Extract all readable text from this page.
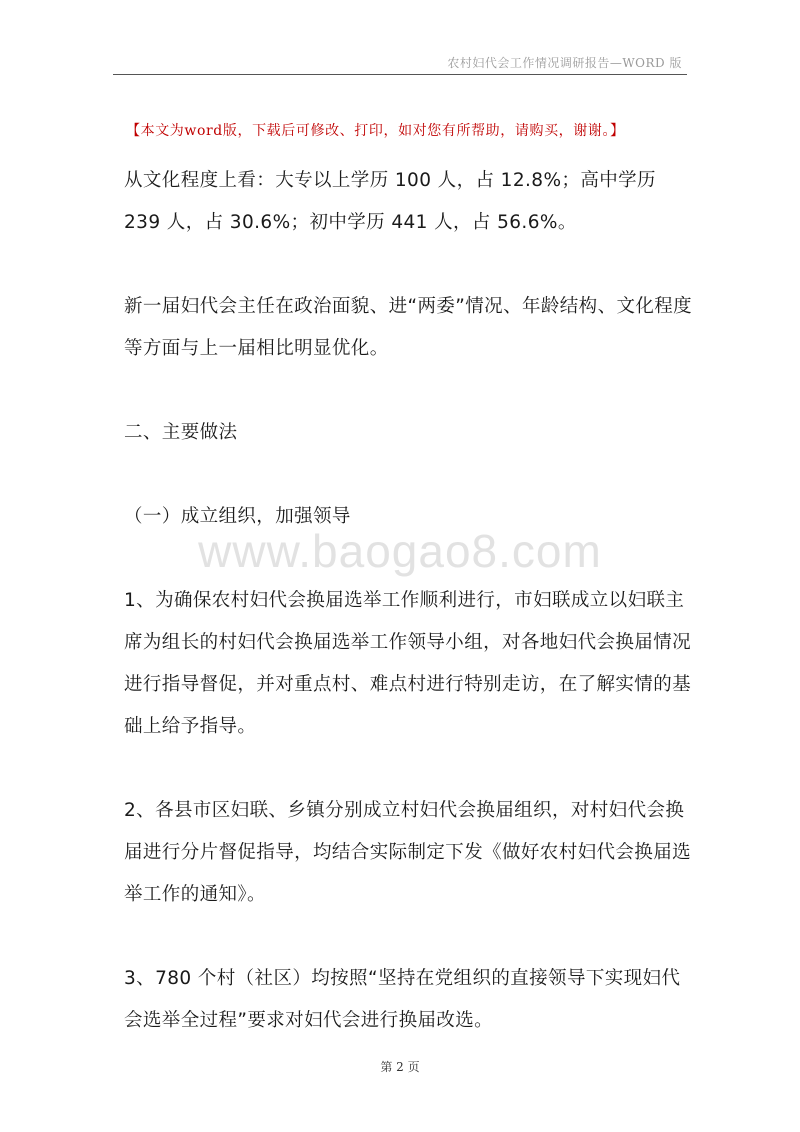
农村妇代会工作情况调研报告—WORD 版
【本文为word版，下载后可修改、打印，如对您有所帮助，请购买，谢谢。】

从文化程度上看：大专以上学历 100 人，占 12.8%；高中学历 239 人，占 30.6%；初中学历 441 人，占 56.6%。

新一届妇代会主任在政治面貌、进“两委”情况、年龄结构、文化程度等方面与上一届相比明显优化。

二、主要做法

（一）成立组织，加强领导

www.baogao8.com

1、为确保农村妇代会换届选举工作顺利进行，市妇联成立以妇联主席为组长的村妇代会换届选举工作领导小组，对各地妇代会换届情况进行指导督促，并对重点村、难点村进行特别走访，在了解实情的基础上给予指导。

2、各县市区妇联、乡镇分别成立村妇代会换届组织，对村妇代会换届进行分片督促指导，均结合实际制定下发《做好农村妇代会换届选举工作的通知》。

3、780 个村（社区）均按照“坚持在党组织的直接领导下实现妇代会选举全过程”要求对妇代会进行换届改选。

第 2 页
